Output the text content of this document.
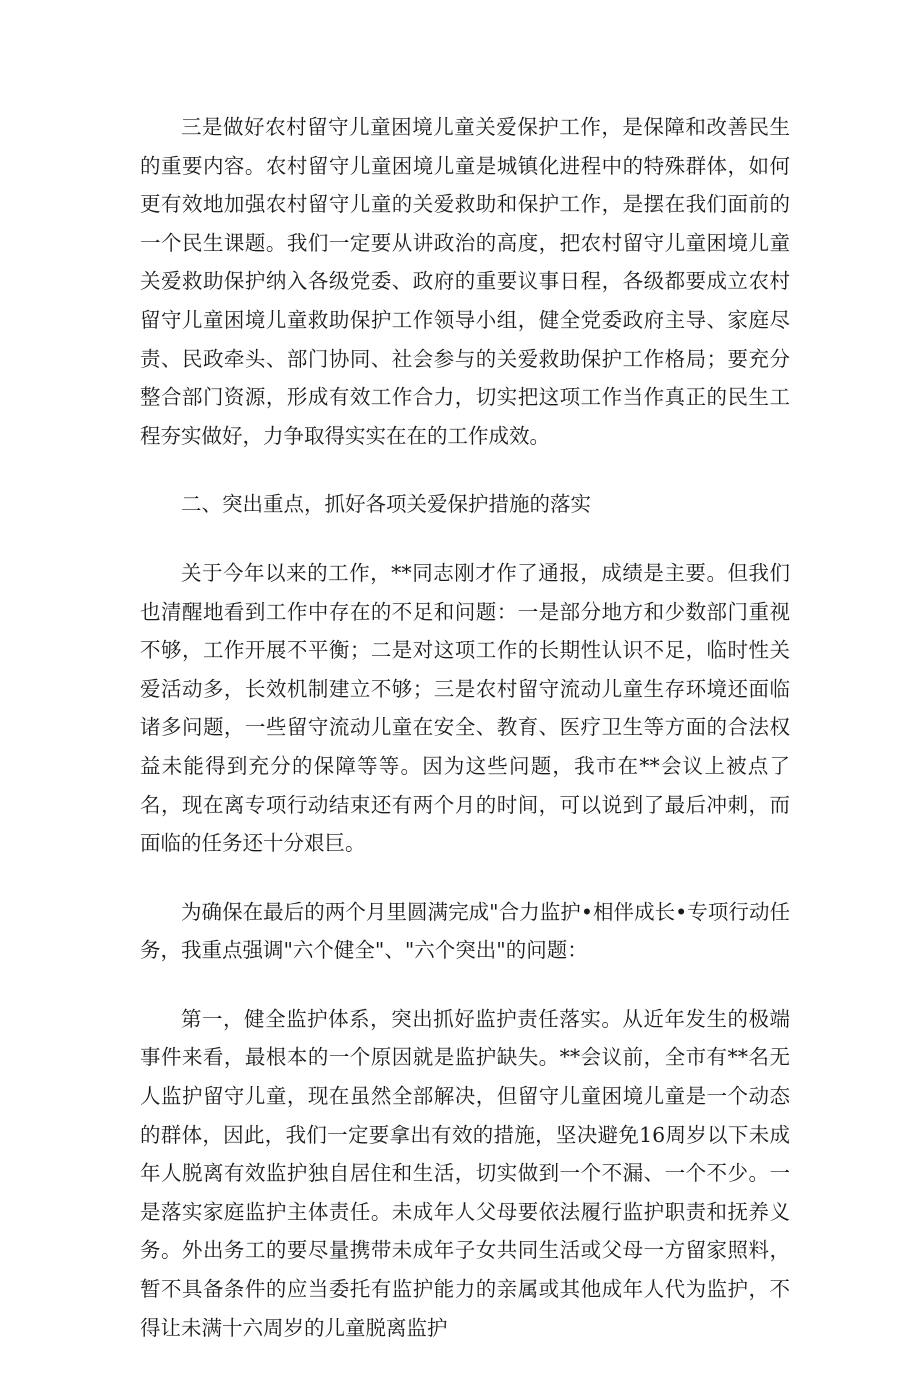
三是做好农村留守儿童困境儿童关爱保护工作，是保障和改善民生的重要内容。农村留守儿童困境儿童是城镇化进程中的特殊群体，如何更有效地加强农村留守儿童的关爱救助和保护工作，是摆在我们面前的一个民生课题。我们一定要从讲政治的高度，把农村留守儿童困境儿童关爱救助保护纳入各级党委、政府的重要议事日程，各级都要成立农村留守儿童困境儿童救助保护工作领导小组，健全党委政府主导、家庭尽责、民政牵头、部门协同、社会参与的关爱救助保护工作格局；要充分整合部门资源，形成有效工作合力，切实把这项工作当作真正的民生工程夯实做好，力争取得实实在在的工作成效。

二、突出重点，抓好各项关爱保护措施的落实

关于今年以来的工作，**同志刚才作了通报，成绩是主要。但我们也清醒地看到工作中存在的不足和问题：一是部分地方和少数部门重视不够，工作开展不平衡；二是对这项工作的长期性认识不足，临时性关爱活动多，长效机制建立不够；三是农村留守流动儿童生存环境还面临诸多问题，一些留守流动儿童在安全、教育、医疗卫生等方面的合法权益未能得到充分的保障等等。因为这些问题，我市在**会议上被点了名，现在离专项行动结束还有两个月的时间，可以说到了最后冲刺，而面临的任务还十分艰巨。

为确保在最后的两个月里圆满完成"合力监护•相伴成长•专项行动任务，我重点强调"六个健全"、"六个突出"的问题：

第一，健全监护体系，突出抓好监护责任落实。从近年发生的极端事件来看，最根本的一个原因就是监护缺失。**会议前，全市有**名无人监护留守儿童，现在虽然全部解决，但留守儿童困境儿童是一个动态的群体，因此，我们一定要拿出有效的措施，坚决避免16周岁以下未成年人脱离有效监护独自居住和生活，切实做到一个不漏、一个不少。一是落实家庭监护主体责任。未成年人父母要依法履行监护职责和抚养义务。外出务工的要尽量携带未成年子女共同生活或父母一方留家照料，暂不具备条件的应当委托有监护能力的亲属或其他成年人代为监护，不得让未满十六周岁的儿童脱离监护
